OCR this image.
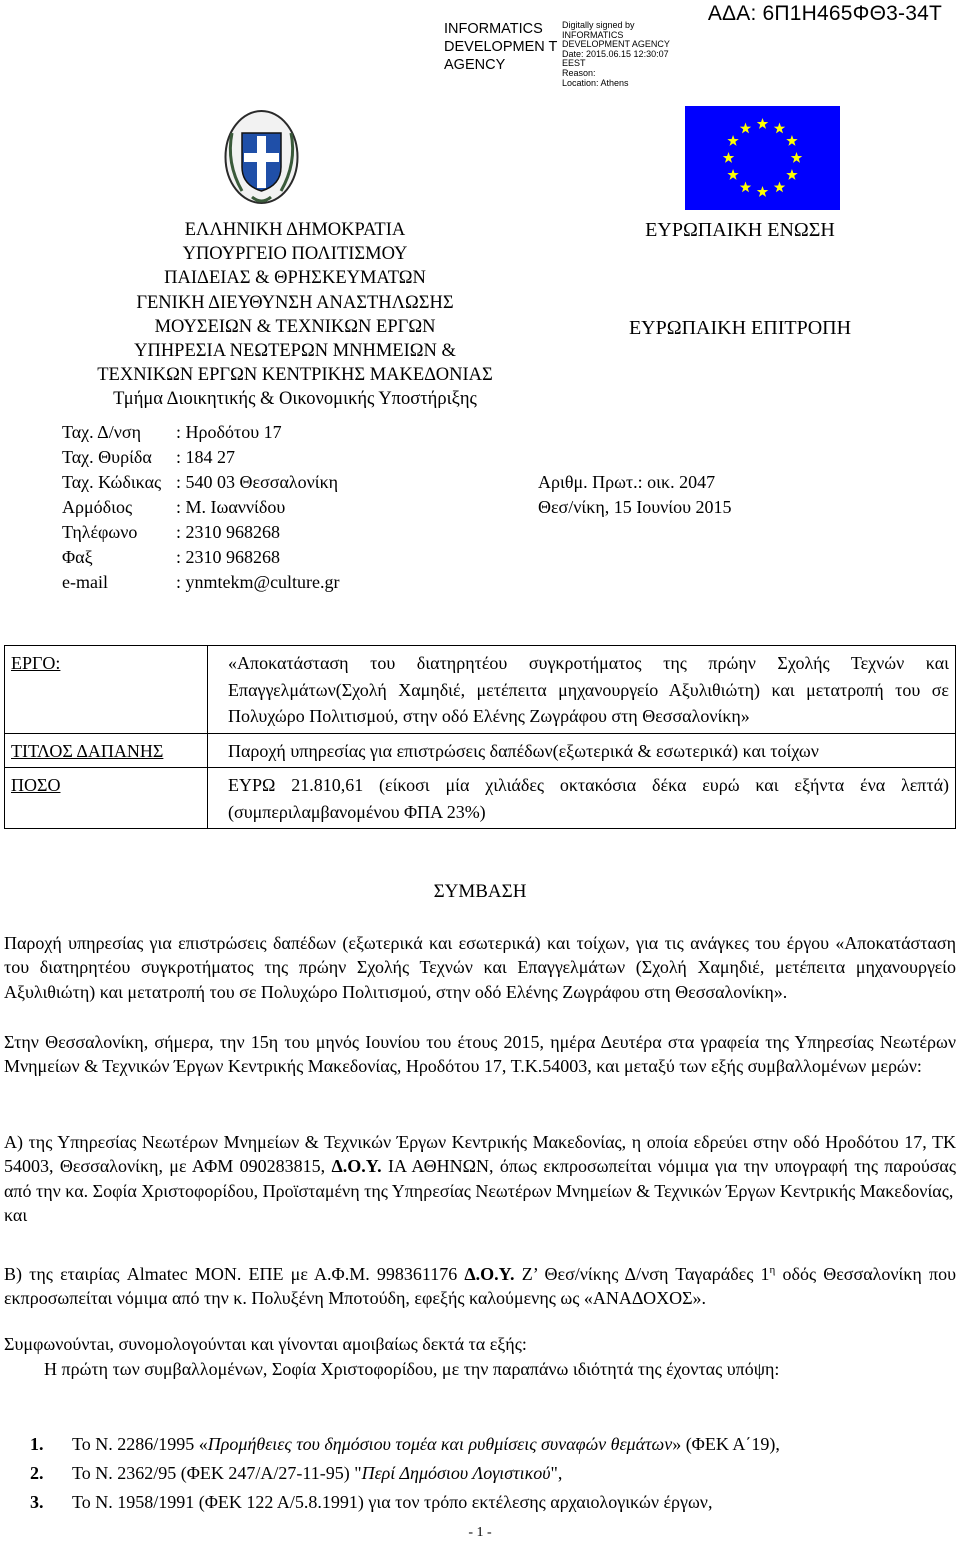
INFORMATICS DEVELOPMEN T AGENCY
Digitally signed by
INFORMATICS
DEVELOPMENT AGENCY
Date: 2015.06.15 12:30:07
EEST
Reason:
Location: Athens
ΑΔΑ: 6Π1Η465ΦΘ3-34Τ
ΕΛΛΗΝΙΚΗ ΔΗΜΟΚΡΑΤΙΑ
ΥΠΟΥΡΓΕΙΟ ΠΟΛΙΤΙΣΜΟΥ
ΠΑΙΔΕΙΑΣ & ΘΡΗΣΚΕΥΜΑΤΩΝ
ΓΕΝΙΚΗ ΔΙΕΥΘΥΝΣΗ ΑΝΑΣΤΗΛΩΣΗΣ
ΜΟΥΣΕΙΩΝ & ΤΕΧΝΙΚΩΝ ΕΡΓΩΝ
ΥΠΗΡΕΣΙΑ ΝΕΩΤΕΡΩΝ ΜΝΗΜΕΙΩΝ &
ΤΕΧΝΙΚΩΝ ΕΡΓΩΝ ΚΕΝΤΡΙΚΗΣ ΜΑΚΕΔΟΝΙΑΣ
Τμήμα Διοικητικής & Οικονομικής Υποστήριξης
ΕΥΡΩΠΑΙΚΗ ΕΝΩΣΗ
ΕΥΡΩΠΑΙΚΗ ΕΠΙΤΡΟΠΗ
Ταχ. Δ/νση : Ηροδότου 17
Ταχ. Θυρίδα : 184 27
Ταχ. Κώδικας : 540 03 Θεσσαλονίκη
Αρμόδιος : Μ. Ιωαννίδου
Τηλέφωνο : 2310 968268
Φαξ	: 2310 968268
e-mail	: ynmtekm@culture.gr
Αριθμ. Πρωτ.: οικ. 2047
Θεσ/νίκη, 15 Ιουνίου 2015
ΕΡΓΟ:	«Αποκατάσταση του διατηρητέου συγκροτήματος της πρώην Σχολής Τεχνών και Επαγγελμάτων(Σχολή Χαμηδιέ, μετέπειτα μηχανουργείο Αξυλιθιώτη) και μετατροπή του σε Πολυχώρο Πολιτισμού, στην οδό Ελένης Ζωγράφου στη Θεσσαλονίκη»
ΤΙΤΛΟΣ ΔΑΠΑΝΗΣ	Παροχή υπηρεσίας για επιστρώσεις δαπέδων(εξωτερικά & εσωτερικά) και τοίχων
ΠΟΣΟ	ΕΥΡΩ 21.810,61 (είκοσι μία χιλιάδες οκτακόσια δέκα ευρώ και εξήντα ένα λεπτά) (συμπεριλαμβανομένου ΦΠΑ 23%)
ΣΥΜΒΑΣΗ
Παροχή υπηρεσίας για επιστρώσεις δαπέδων (εξωτερικά και εσωτερικά) και τοίχων, για τις ανάγκες του έργου «Αποκατάσταση του διατηρητέου συγκροτήματος της πρώην Σχολής Τεχνών και Επαγγελμάτων (Σχολή Χαμηδιέ, μετέπειτα μηχανουργείο Αξυλιθιώτη) και μετατροπή του σε Πολυχώρο Πολιτισμού, στην οδό Ελένης Ζωγράφου στη Θεσσαλονίκη».
Στην Θεσσαλονίκη, σήμερα, την 15η του μηνός Ιουνίου του έτους 2015, ημέρα Δευτέρα στα γραφεία της Υπηρεσίας Νεωτέρων Μνημείων & Τεχνικών Έργων Κεντρικής Μακεδονίας, Ηροδότου 17, Τ.Κ.54003, και μεταξύ των εξής συμβαλλομένων μερών:
Α) της Υπηρεσίας Νεωτέρων Μνημείων & Τεχνικών Έργων Κεντρικής Μακεδονίας, η οποία εδρεύει στην οδό Ηροδότου 17, ΤΚ 54003, Θεσσαλονίκη, με ΑΦΜ 090283815, Δ.Ο.Υ. ΙΑ ΑΘΗΝΩΝ, όπως εκπροσωπείται νόμιμα για την υπογραφή της παρούσας από την κα. Σοφία Χριστοφορίδου, Προϊσταμένη της Υπηρεσίας Νεωτέρων Μνημείων & Τεχνικών Έργων Κεντρικής Μακεδονίας,
και
Β) της εταιρίας Almatec ΜΟΝ. ΕΠΕ με Α.Φ.Μ. 998361176 Δ.Ο.Υ. Ζ’ Θεσ/νίκης Δ/νση Ταγαράδες $1^\eta$ οδός Θεσσαλονίκη που εκπροσωπείται νόμιμα από την κ. Πολυξένη Μποτούδη, εφεξής καλούμενης ως «ΑΝΑΔΟΧΟΣ».
Συμφωνούντaι, συνομολογούνται και γίνονται αμοιβαίως δεκτά τα εξής:
Η πρώτη των συμβαλλομένων, Σοφία Χριστοφορίδου, με την παραπάνω ιδιότητά της έχοντας υπόψη:
1. Το Ν. 2286/1995 «Προμήθειες του δημόσιου τομέα και ρυθμίσεις συναφών θεμάτων» (ΦΕΚ Α΄19),
2. Το Ν. 2362/95 (ΦΕΚ 247/Α/27-11-95) "Περί Δημόσιου Λογιστικού",
3. Το Ν. 1958/1991 (ΦΕΚ 122 Α/5.8.1991) για τον τρόπο εκτέλεσης αρχαιολογικών έργων,
- 1 -
